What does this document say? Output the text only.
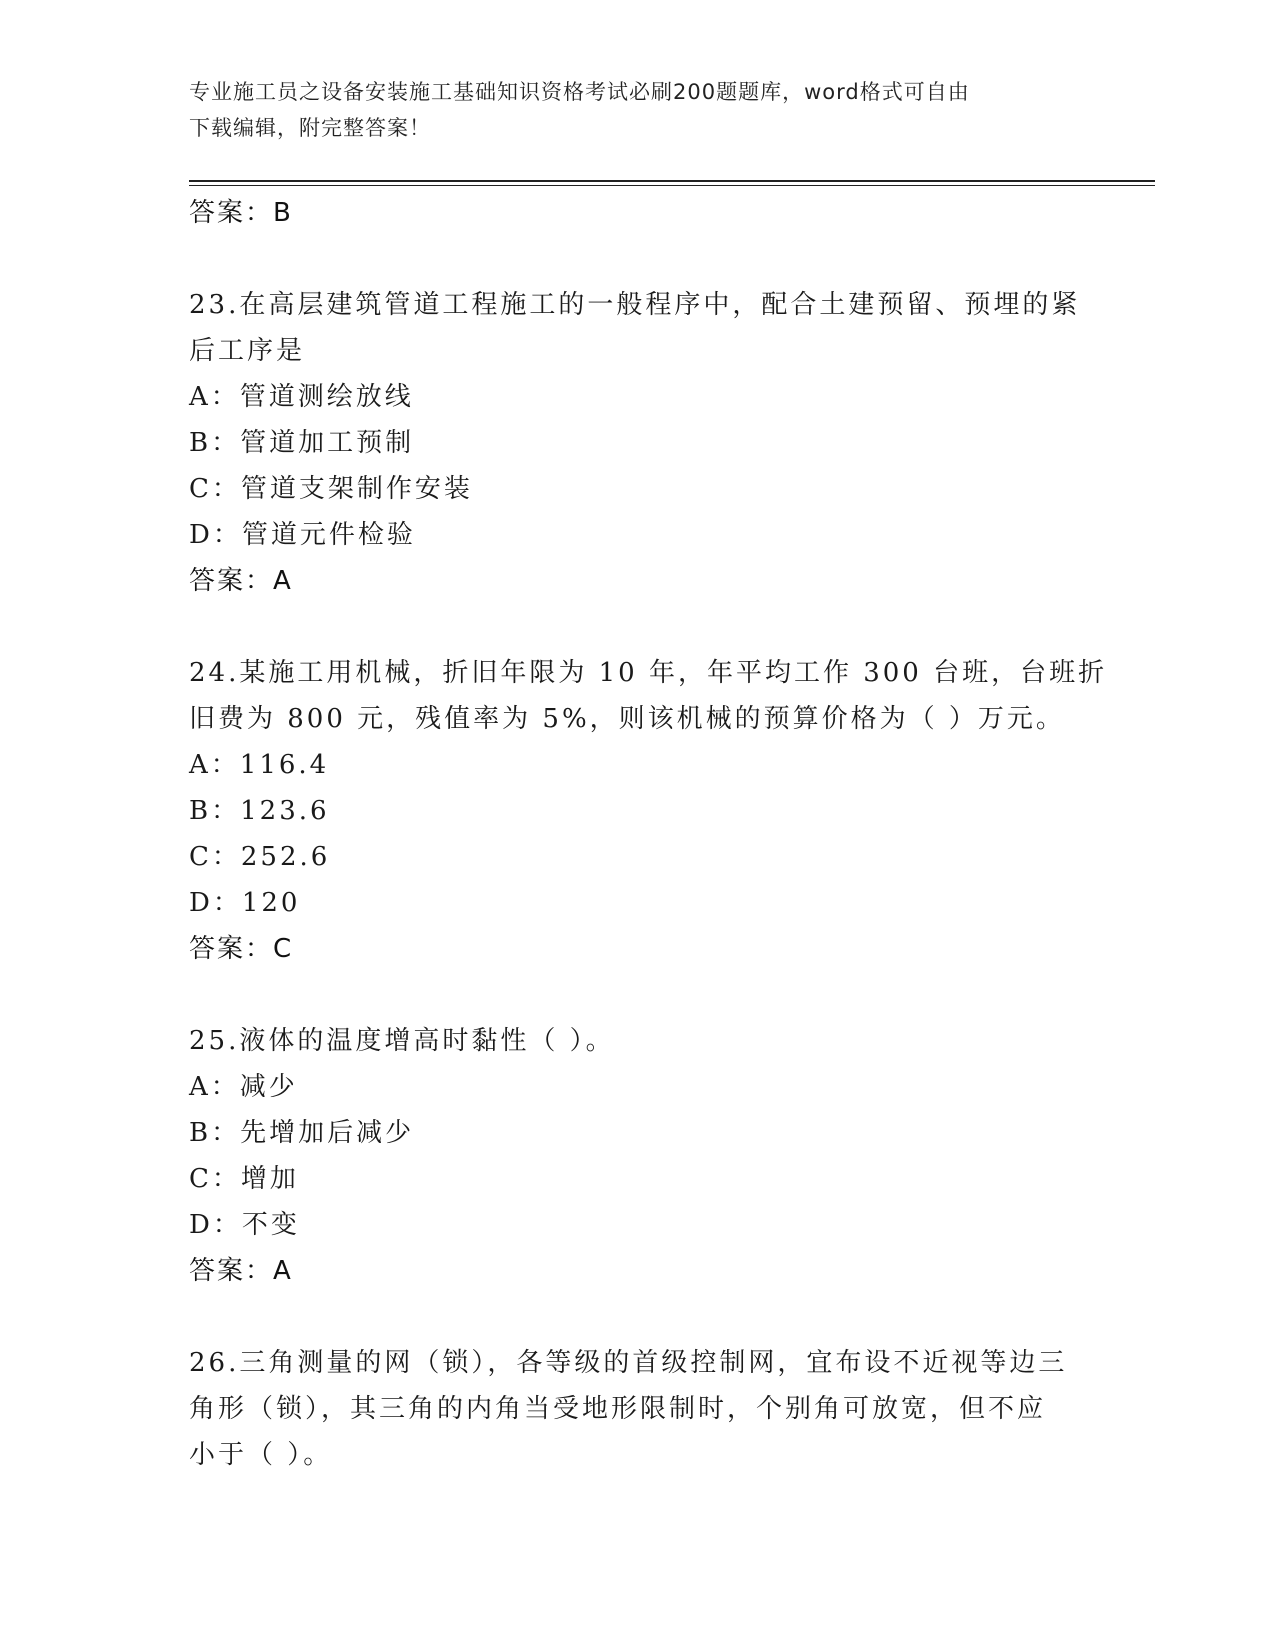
专业施工员之设备安装施工基础知识资格考试必刷200题题库，word格式可自由
下载编辑，附完整答案！
答案：B
23.在高层建筑管道工程施工的一般程序中，配合土建预留、预埋的紧
后工序是
A：管道测绘放线
B：管道加工预制
C：管道支架制作安装
D：管道元件检验
答案：A
24.某施工用机械，折旧年限为 10 年，年平均工作 300 台班，台班折
旧费为 800 元，残值率为 5%，则该机械的预算价格为（ ）万元。
A：116.4
B：123.6
C：252.6
D：120
答案：C
25.液体的温度增高时黏性（ ）。
A：减少
B：先增加后减少
C：增加
D：不变
答案：A
26.三角测量的网（锁），各等级的首级控制网，宜布设不近视等边三
角形（锁），其三角的内角当受地形限制时，个别角可放宽，但不应
小于（ ）。
